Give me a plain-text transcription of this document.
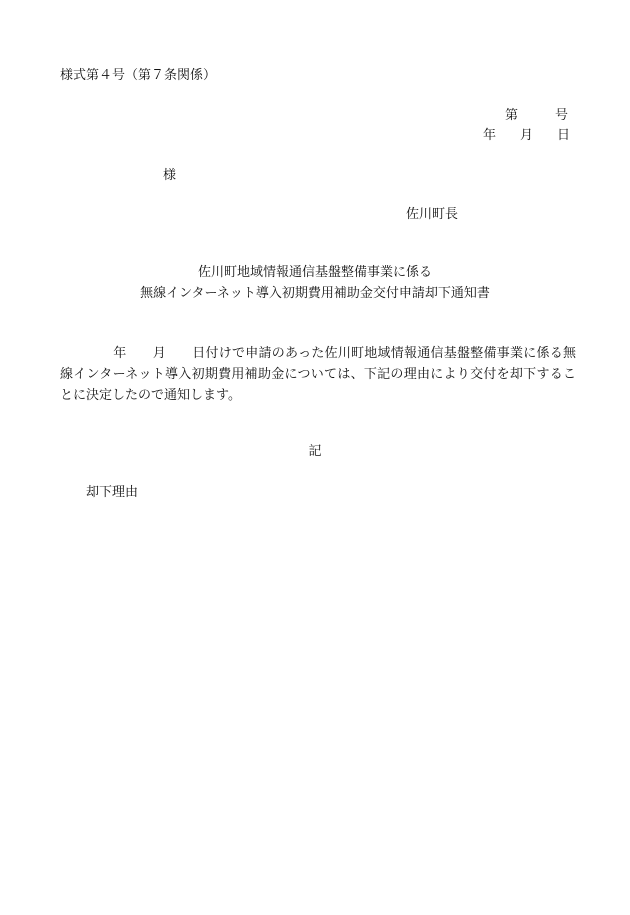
様式第４号（第７条関係）
第	号
年 月 日
様
佐川町長
佐川町地域情報通信基盤整備事業に係る
無線インターネット導入初期費用補助金交付申請却下通知書
年 月 日付けで申請のあった佐川町地域情報通信基盤整備事業に係る無線インターネット導入初期費用補助金については、下記の理由により交付を却下することに決定したので通知します。
記
却下理由
